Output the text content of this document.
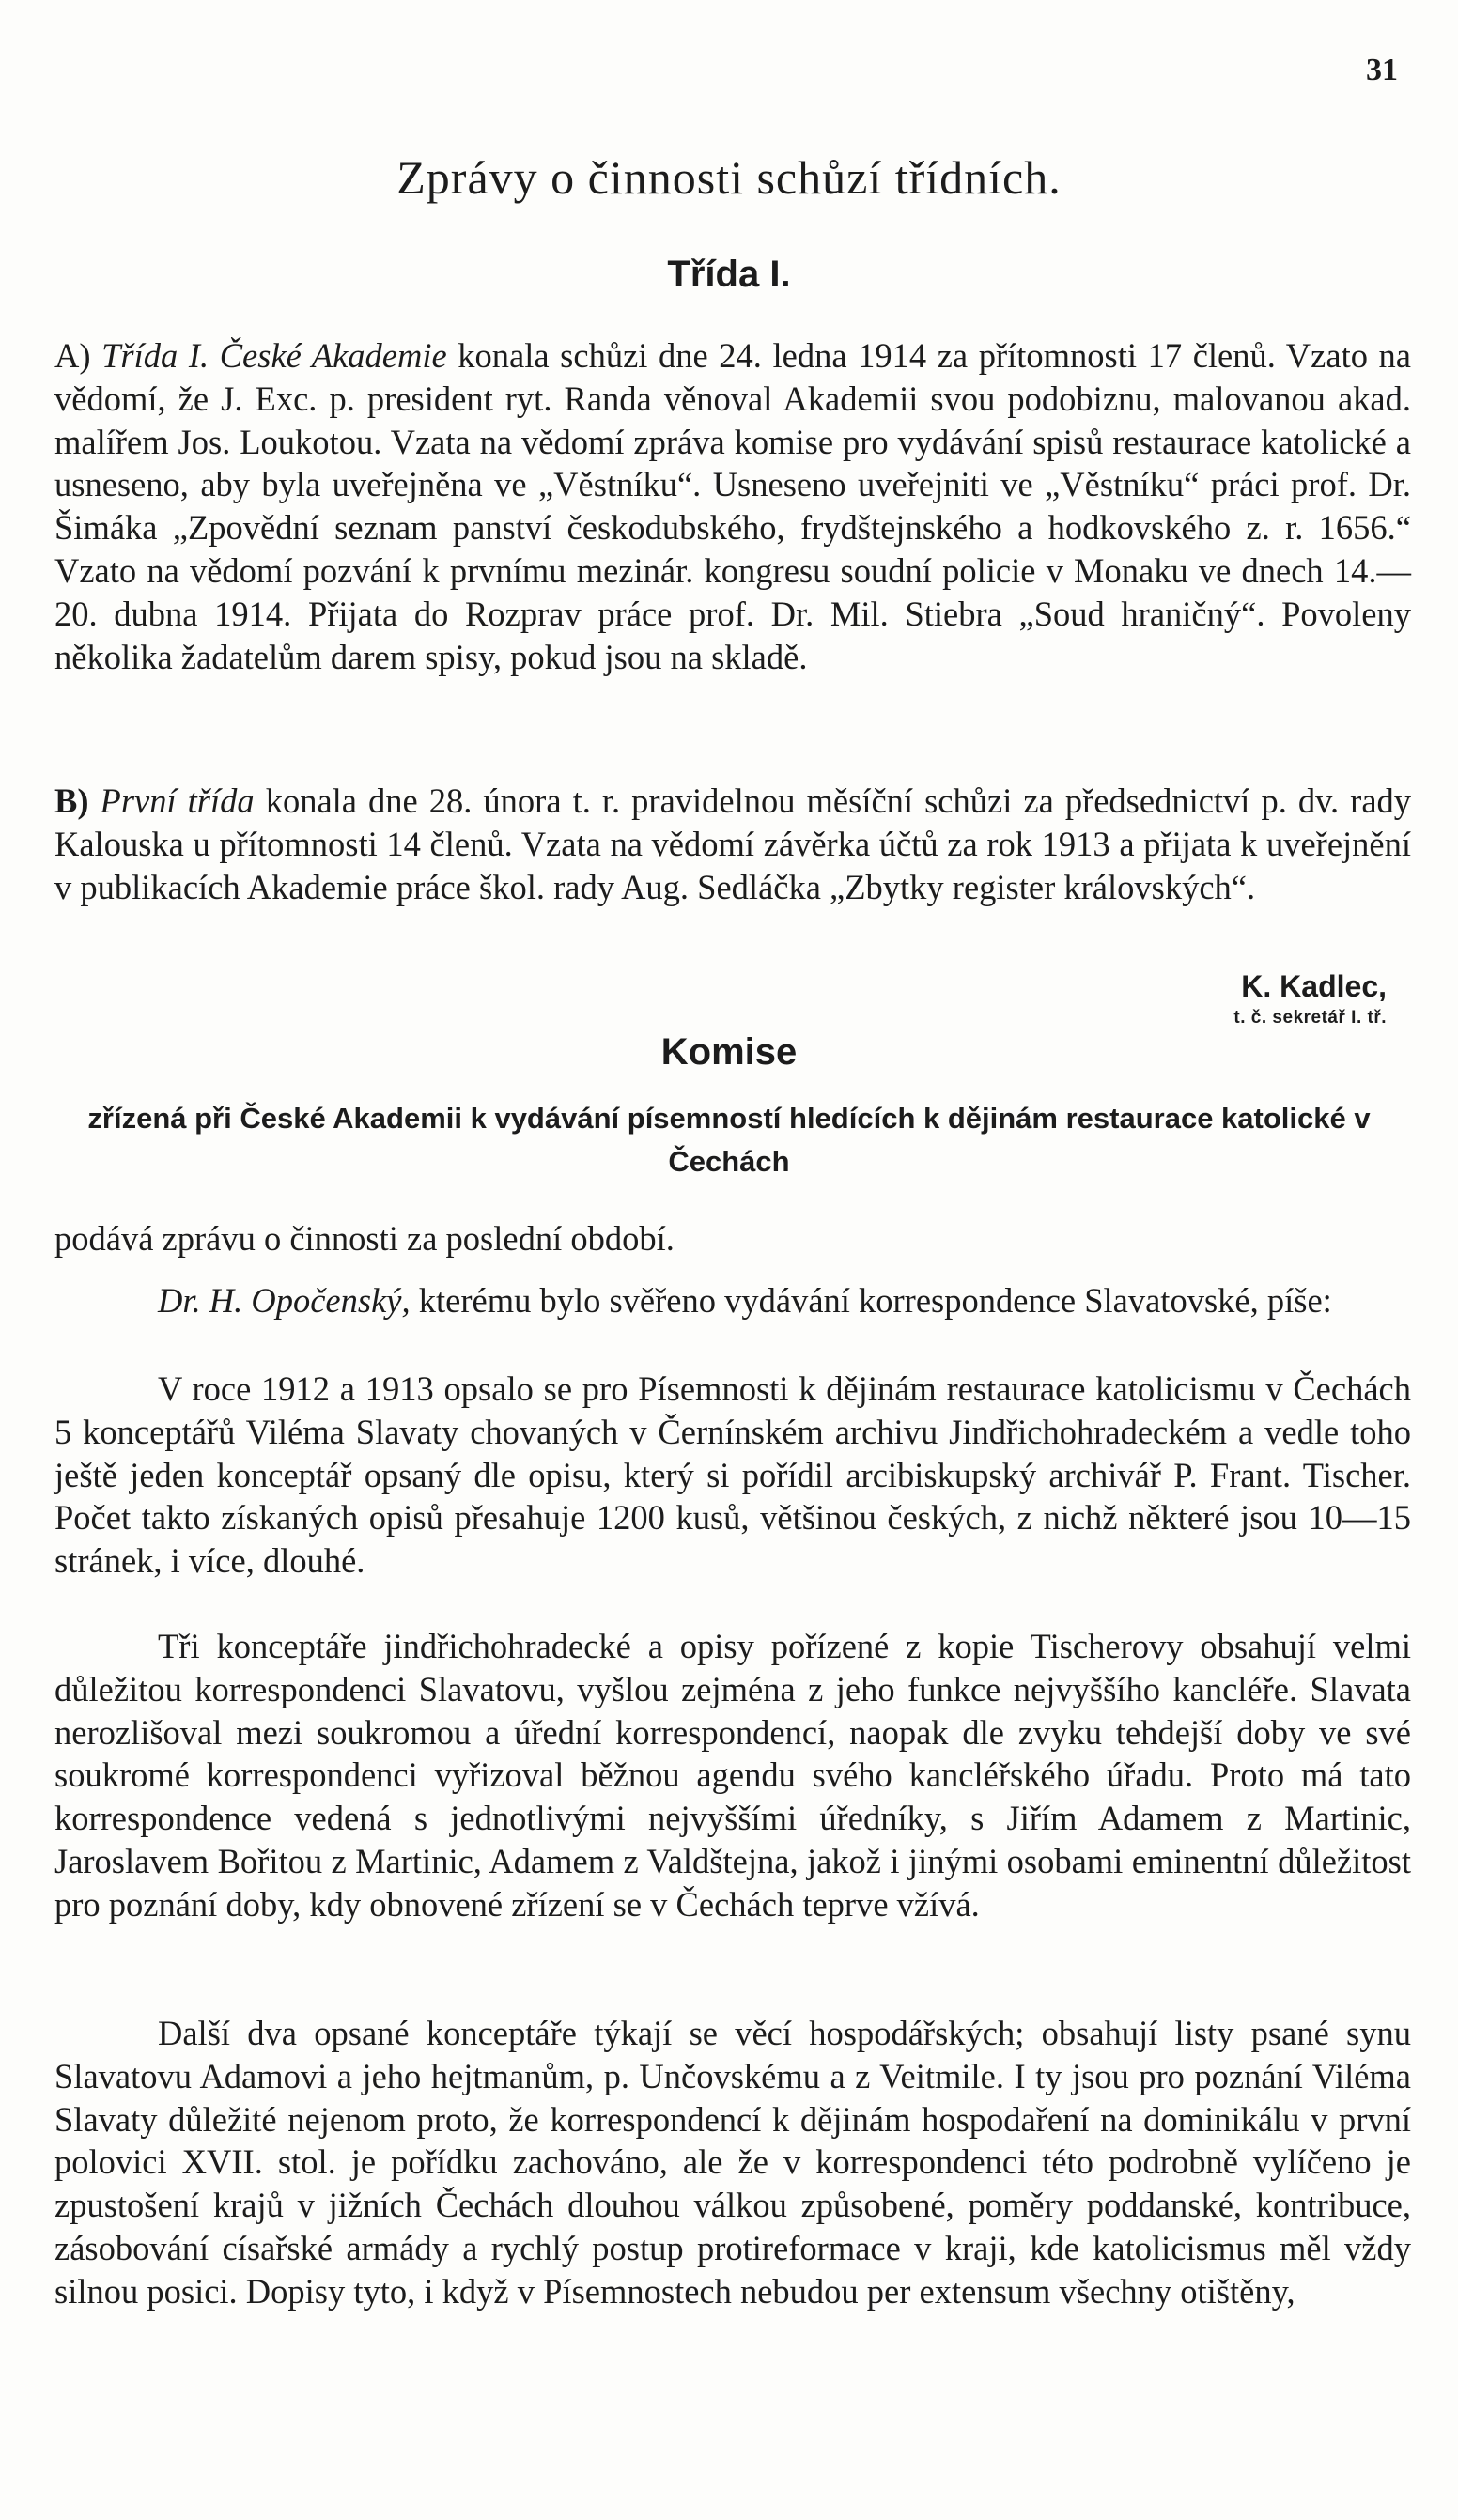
31
Zprávy o činnosti schůzí třídních.
Třída I.

A) Třída I. České Akademie konala schůzi dne 24. ledna 1914 za přítomnosti 17 členů. Vzato na vědomí, že J. Exc. p. president ryt. Randa věnoval Akademii svou podobiznu, malovanou akad. malířem Jos. Loukotou. Vzata na vědomí zpráva komise pro vydávání spisů restaurace katolické a usneseno, aby byla uveřejněna ve „Věstníku“. Usneseno uveřejniti ve „Věstníku“ práci prof. Dr. Šimáka „Zpovědní seznam panství českodubského, frydštejnského a hodkovského z. r. 1656.“ Vzato na vědomí pozvání k prvnímu mezinár. kongresu soudní policie v Monaku ve dnech 14.—20. dubna 1914. Přijata do Rozprav práce prof. Dr. Mil. Stiebra „Soud hraničný“. Povoleny několika žadatelům darem spisy, pokud jsou na skladě.

B) První třída konala dne 28. února t. r. pravidelnou měsíční schůzi za předsednictví p. dv. rady Kalouska u přítomnosti 14 členů. Vzata na vědomí závěrka účtů za rok 1913 a přijata k uveřejnění v publikacích Akademie práce škol. rady Aug. Sedláčka „Zbytky register královských“.

K. Kadlec,
t. č. sekretář I. tř.
Komise
zřízená při České Akademii k vydávání písemností hledících k dějinám restaurace katolické v Čechách

podává zprávu o činnosti za poslední období.

Dr. H. Opočenský, kterému bylo svěřeno vydávání korrespondence Slavatovské, píše:

V roce 1912 a 1913 opsalo se pro Písemnosti k dějinám restaurace katolicismu v Čechách 5 konceptářů Viléma Slavaty chovaných v Černínském archivu Jindřichohradeckém a vedle toho ještě jeden konceptář opsaný dle opisu, který si pořídil arcibiskupský archivář P. Frant. Tischer. Počet takto získaných opisů přesahuje 1200 kusů, většinou českých, z nichž některé jsou 10—15 stránek, i více, dlouhé.

Tři konceptáře jindřichohradecké a opisy pořízené z kopie Tischerovy obsahují velmi důležitou korrespondenci Slavatovu, vyšlou zejména z jeho funkce nejvyššího kancléře. Slavata nerozlišoval mezi soukromou a úřední korrespondencí, naopak dle zvyku tehdejší doby ve své soukromé korrespondenci vyřizoval běžnou agendu svého kancléřského úřadu. Proto má tato korrespondence vedená s jednotlivými nejvyššími úředníky, s Jiřím Adamem z Martinic, Jaroslavem Bořitou z Martinic, Adamem z Valdštejna, jakož i jinými osobami eminentní důležitost pro poznání doby, kdy obnovené zřízení se v Čechách teprve vžívá.

Další dva opsané konceptáře týkají se věcí hospodářských; obsahují listy psané synu Slavatovu Adamovi a jeho hejtmanům, p. Unčovskému a z Veitmile. I ty jsou pro poznání Viléma Slavaty důležité nejenom proto, že korrespondencí k dějinám hospodaření na dominikálu v první polovici XVII. stol. je pořídku zachováno, ale že v korrespondenci této podrobně vylíčeno je zpustošení krajů v jižních Čechách dlouhou válkou způsobené, poměry poddanské, kontribuce, zásobování císařské armády a rychlý postup protireformace v kraji, kde katolicismus měl vždy silnou posici. Dopisy tyto, i když v Písemnostech nebudou per extensum všechny otištěny,
